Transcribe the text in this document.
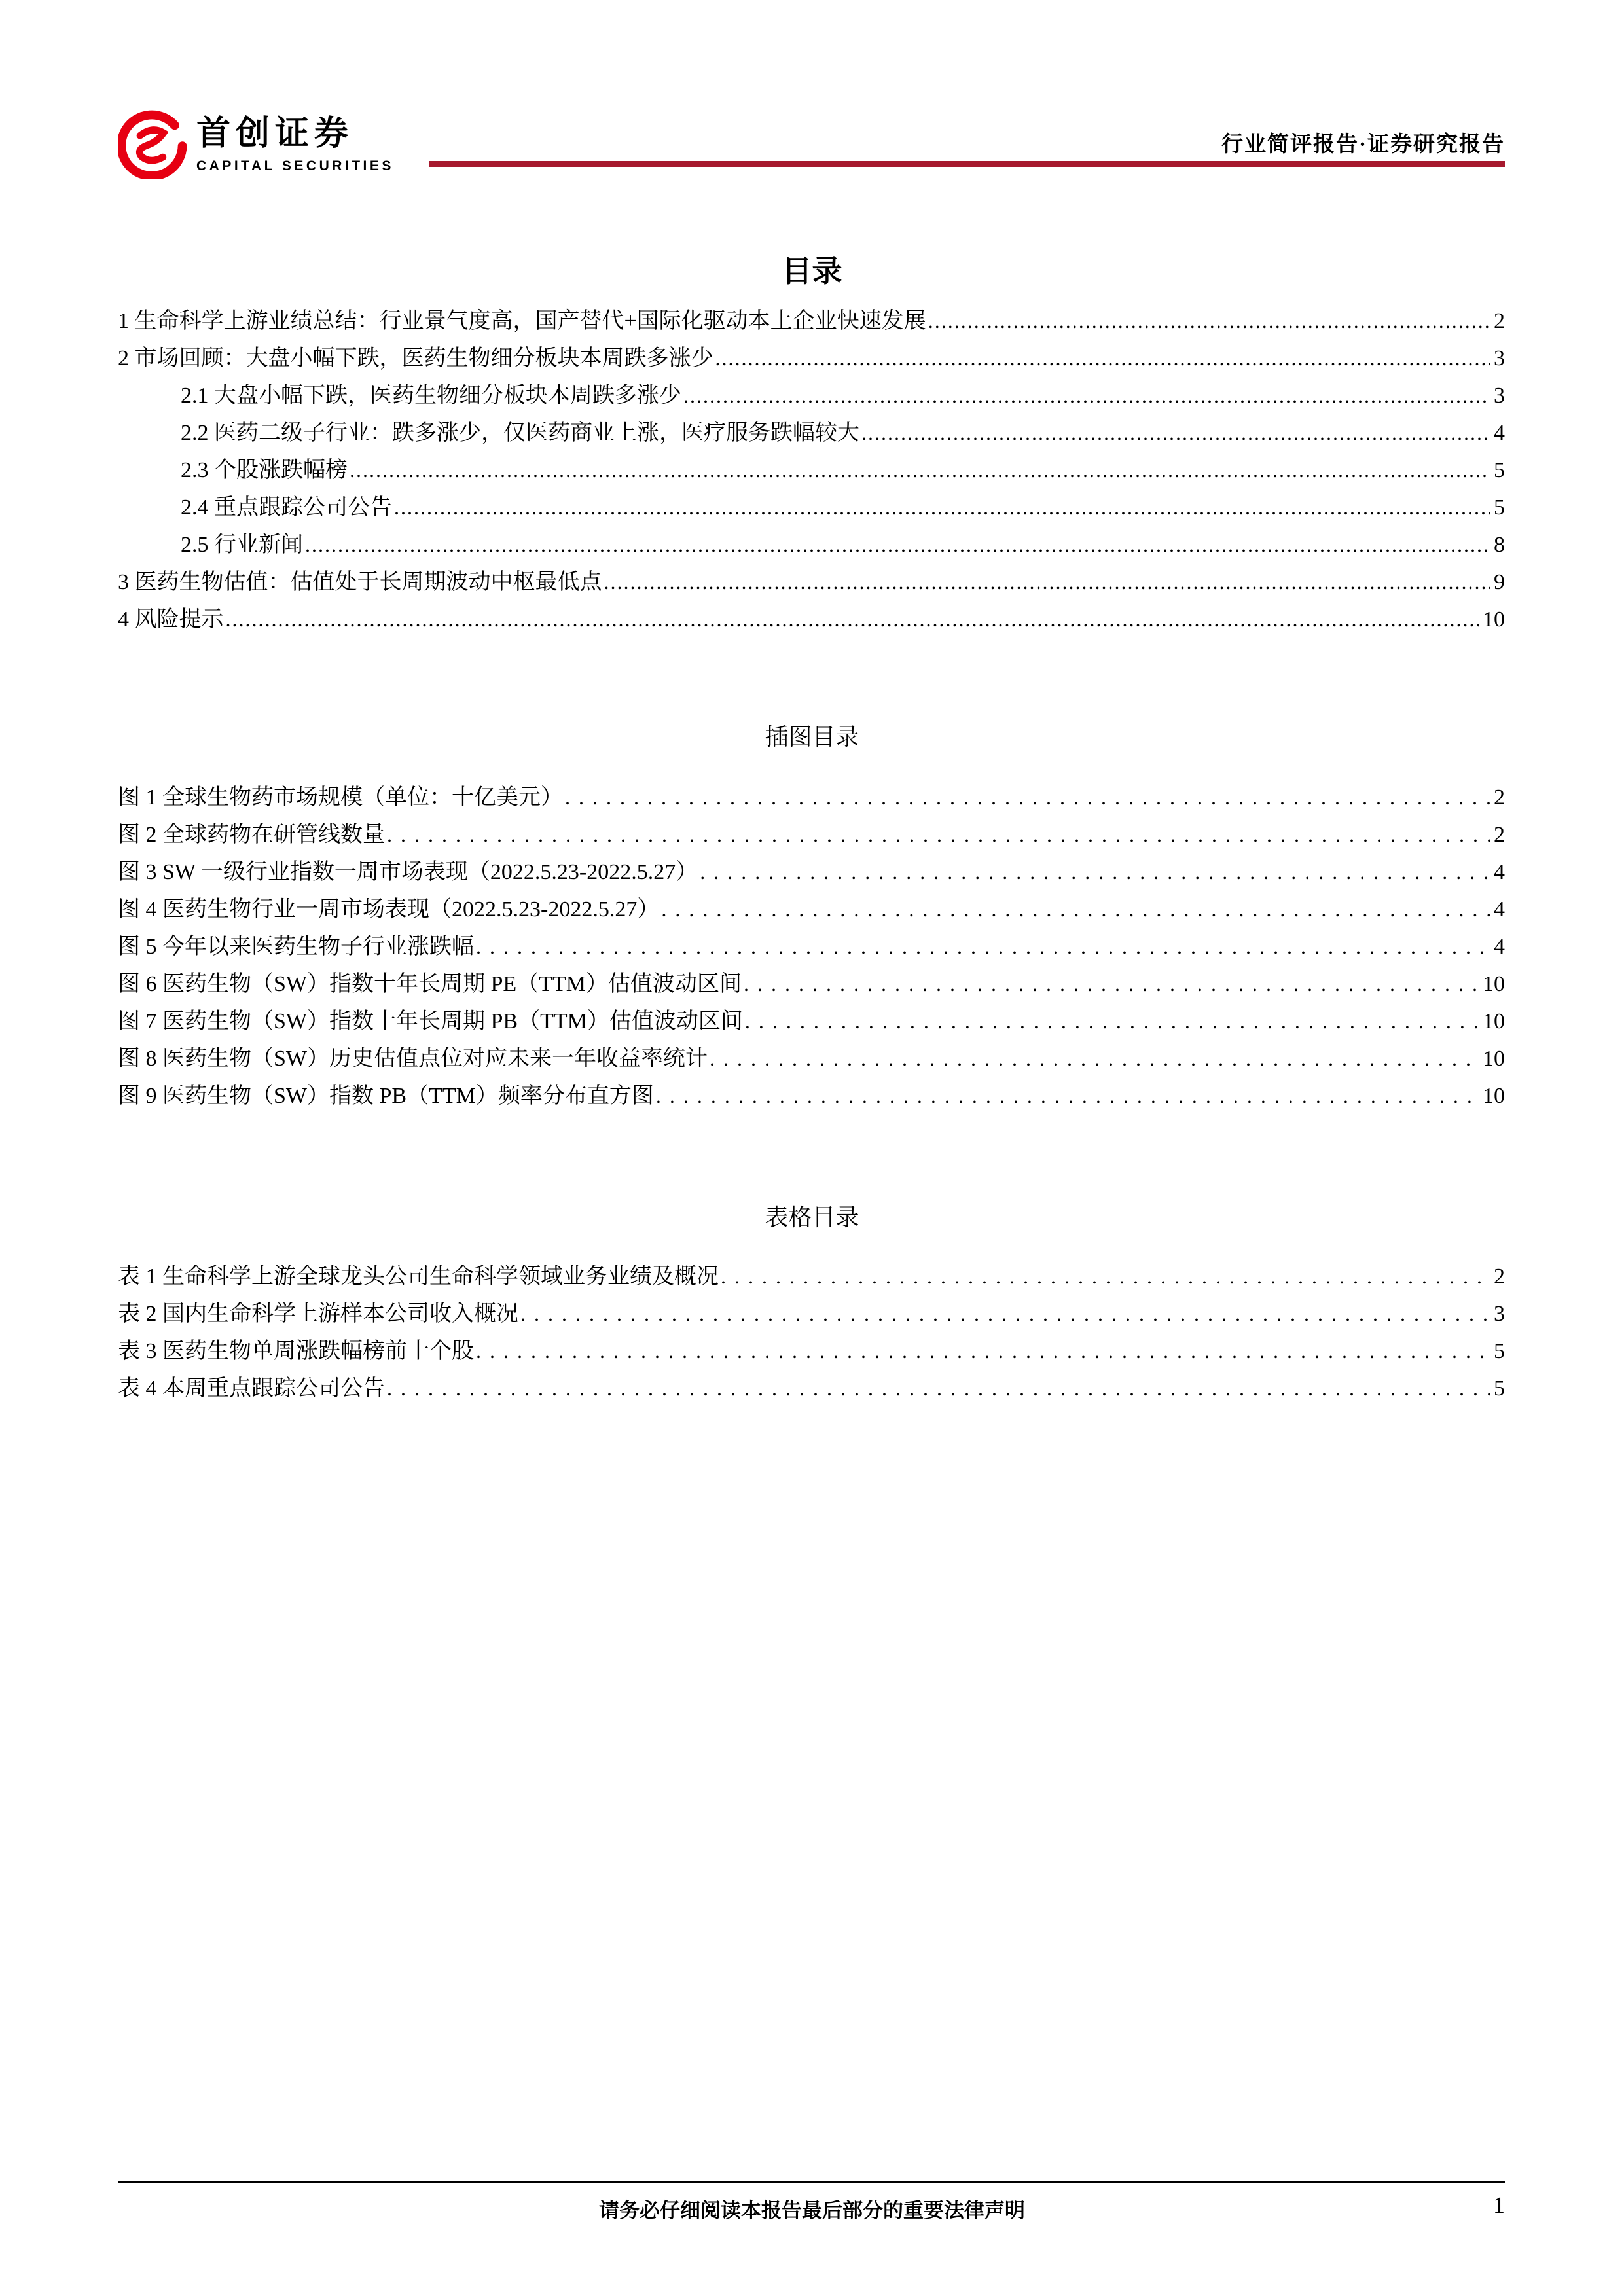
首创证券
CAPITAL SECURITIES
行业简评报告·证券研究报告
目录
1 生命科学上游业绩总结：行业景气度高，国产替代+国际化驱动本土企业快速发展 .....	2
2 市场回顾：大盘小幅下跌，医药生物细分板块本周跌多涨少 .....	3
2.1 大盘小幅下跌，医药生物细分板块本周跌多涨少 .....	3
2.2 医药二级子行业：跌多涨少，仅医药商业上涨，医疗服务跌幅较大 .....	4
2.3 个股涨跌幅榜 .....	5
2.4 重点跟踪公司公告 .....	5
2.5 行业新闻 .....	8
3 医药生物估值：估值处于长周期波动中枢最低点 .....	9
4 风险提示 .....	10
插图目录
图 1 全球生物药市场规模（单位：十亿美元） .....	2
图 2 全球药物在研管线数量 .....	2
图 3 SW 一级行业指数一周市场表现（2022.5.23-2022.5.27） .....	4
图 4 医药生物行业一周市场表现（2022.5.23-2022.5.27） .....	4
图 5 今年以来医药生物子行业涨跌幅 .....	4
图 6 医药生物（SW）指数十年长周期 PE（TTM）估值波动区间 .....	10
图 7 医药生物（SW）指数十年长周期 PB（TTM）估值波动区间 .....	10
图 8 医药生物（SW）历史估值点位对应未来一年收益率统计 .....	10
图 9 医药生物（SW）指数 PB（TTM）频率分布直方图 .....	10
表格目录
表 1 生命科学上游全球龙头公司生命科学领域业务业绩及概况 .....	2
表 2 国内生命科学上游样本公司收入概况 .....	3
表 3 医药生物单周涨跌幅榜前十个股 .....	5
表 4 本周重点跟踪公司公告 .....	5
请务必仔细阅读本报告最后部分的重要法律声明	1
